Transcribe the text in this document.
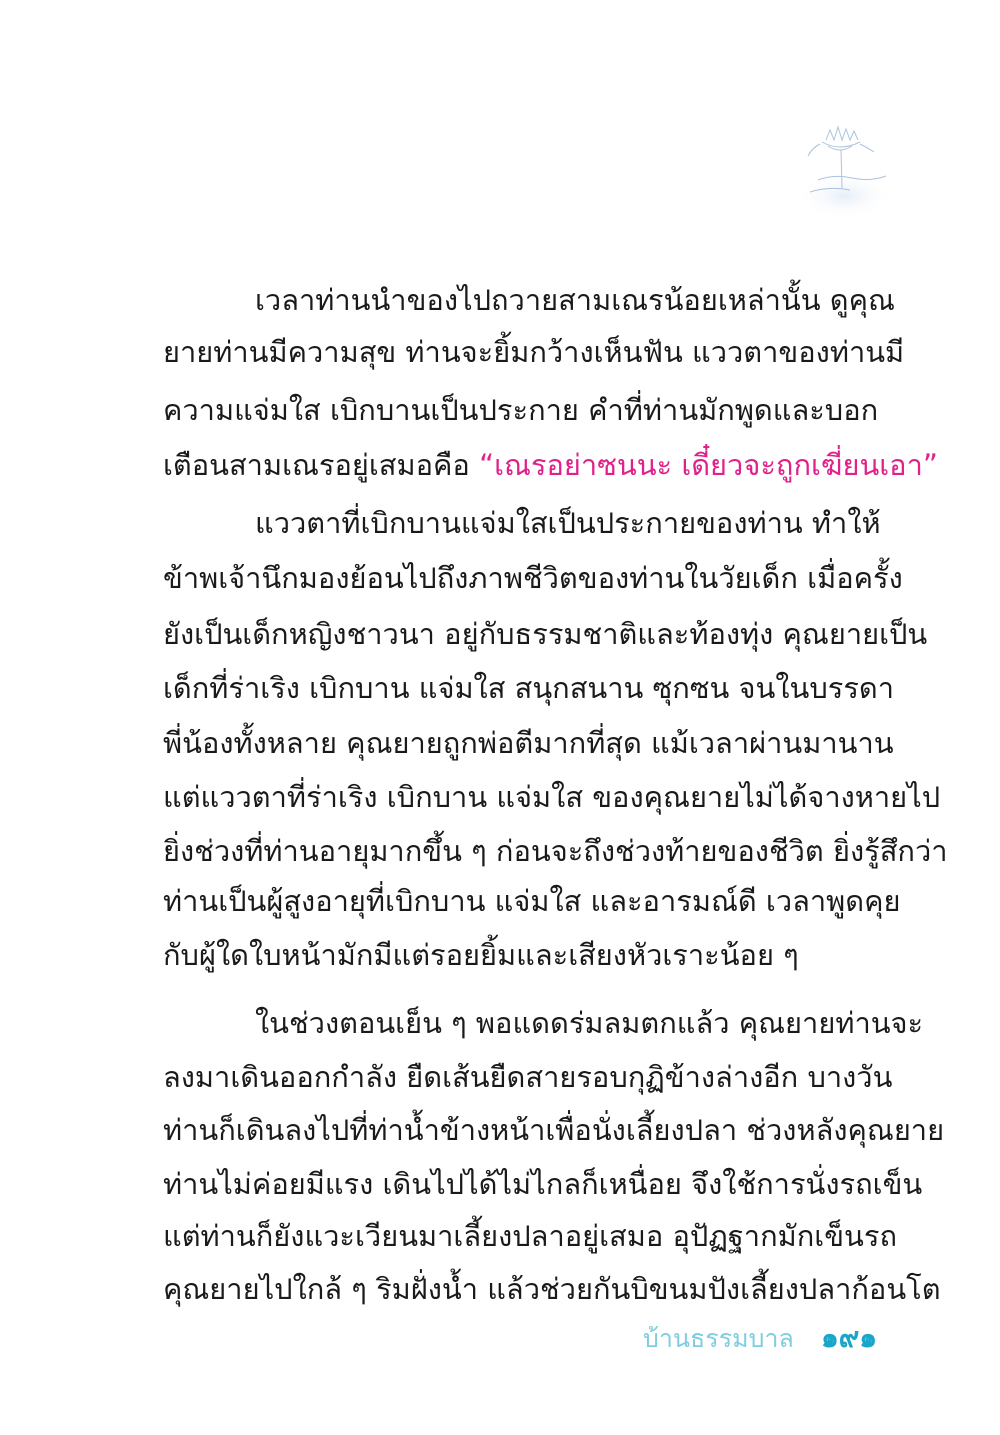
เวลาท่านนำของไปถวายสามเณรน้อยเหล่านั้น ดูคุณ
ยายท่านมีความสุข ท่านจะยิ้มกว้างเห็นฟัน แววตาของท่านมี
ความแจ่มใส เบิกบานเป็นประกาย คำที่ท่านมักพูดและบอก
เตือนสามเณรอยู่เสมอคือ “เณรอย่าซนนะ เดี๋ยวจะถูกเฆี่ยนเอา”
แววตาที่เบิกบานแจ่มใสเป็นประกายของท่าน ทำให้
ข้าพเจ้านึกมองย้อนไปถึงภาพชีวิตของท่านในวัยเด็ก เมื่อครั้ง
ยังเป็นเด็กหญิงชาวนา อยู่กับธรรมชาติและท้องทุ่ง คุณยายเป็น
เด็กที่ร่าเริง เบิกบาน แจ่มใส สนุกสนาน ซุกซน จนในบรรดา
พี่น้องทั้งหลาย คุณยายถูกพ่อตีมากที่สุด แม้เวลาผ่านมานาน
แต่แววตาที่ร่าเริง เบิกบาน แจ่มใส ของคุณยายไม่ได้จางหายไป
ยิ่งช่วงที่ท่านอายุมากขึ้น ๆ ก่อนจะถึงช่วงท้ายของชีวิต ยิ่งรู้สึกว่า
ท่านเป็นผู้สูงอายุที่เบิกบาน แจ่มใส และอารมณ์ดี เวลาพูดคุย
กับผู้ใดใบหน้ามักมีแต่รอยยิ้มและเสียงหัวเราะน้อย ๆ
ในช่วงตอนเย็น ๆ พอแดดร่มลมตกแล้ว คุณยายท่านจะ
ลงมาเดินออกกำลัง ยืดเส้นยืดสายรอบกุฏิข้างล่างอีก บางวัน
ท่านก็เดินลงไปที่ท่าน้ำข้างหน้าเพื่อนั่งเลี้ยงปลา ช่วงหลังคุณยาย
ท่านไม่ค่อยมีแรง เดินไปได้ไม่ไกลก็เหนื่อย จึงใช้การนั่งรถเข็น
แต่ท่านก็ยังแวะเวียนมาเลี้ยงปลาอยู่เสมอ อุปัฏฐากมักเข็นรถ
คุณยายไปใกล้ ๆ ริมฝั่งน้ำ แล้วช่วยกันบิขนมปังเลี้ยงปลาก้อนโต
บ้านธรรมบาล ๑๙๑
